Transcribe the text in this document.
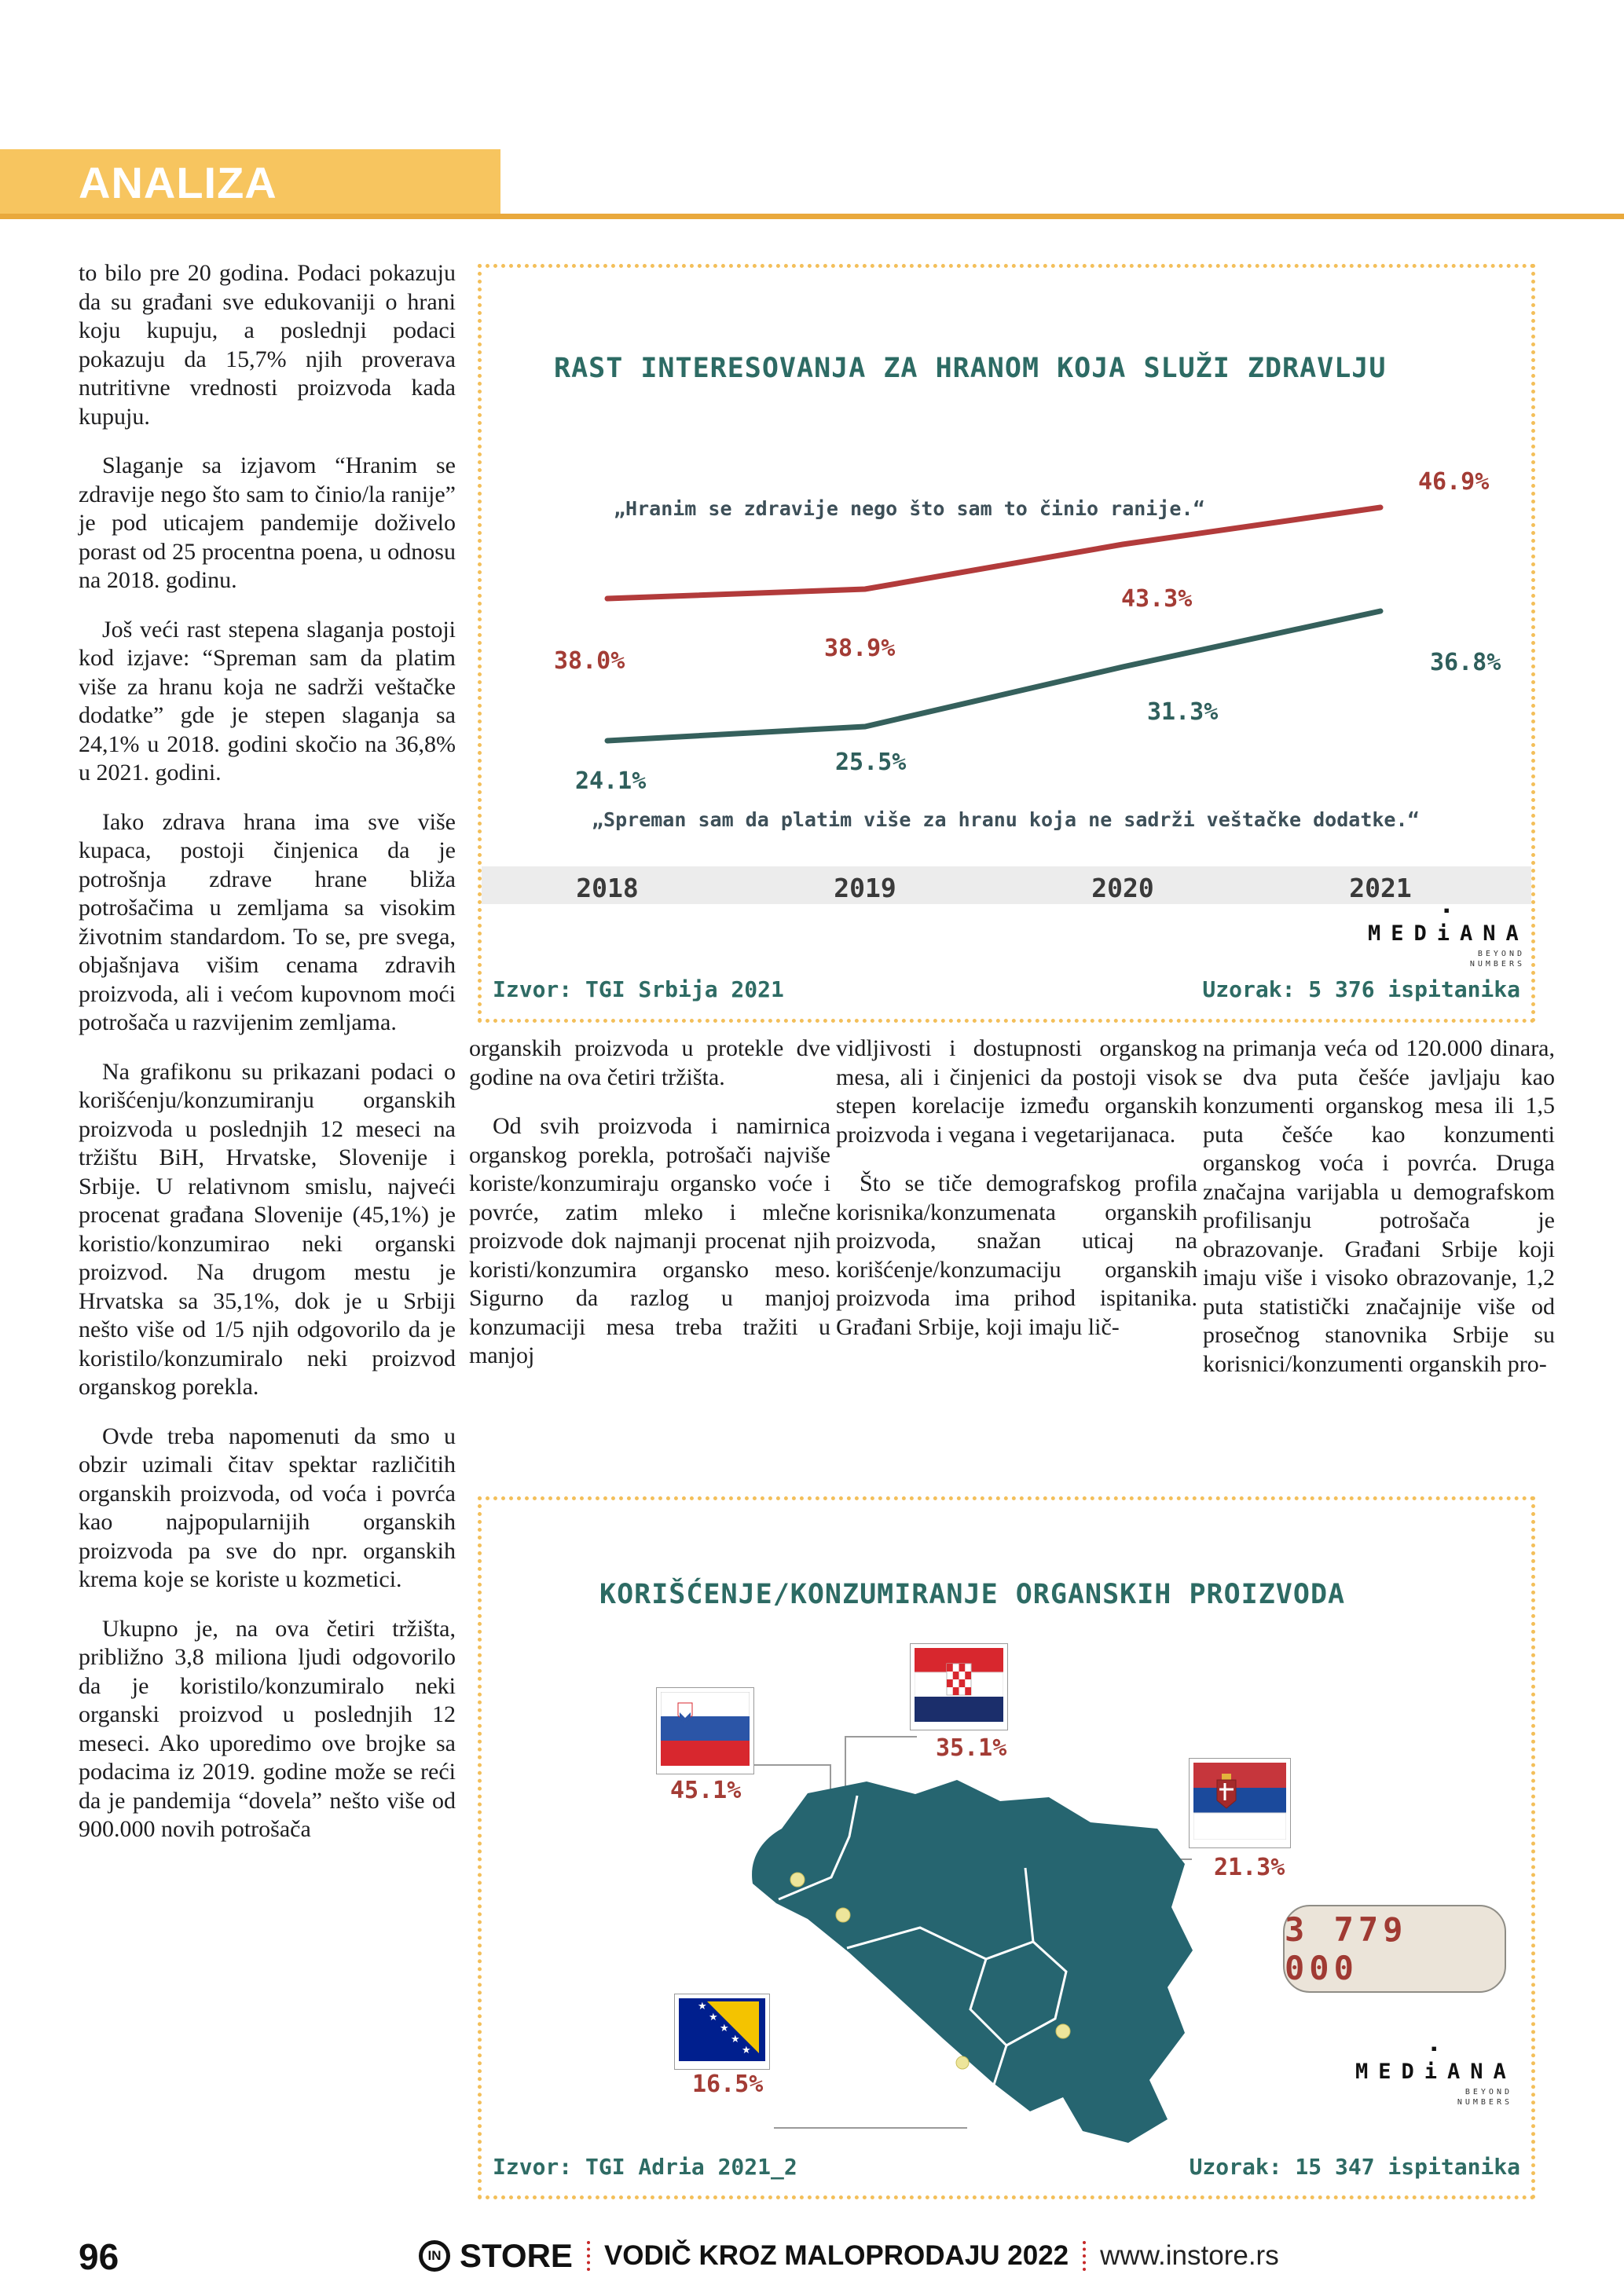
ANALIZA

to bilo pre 20 godina. Podaci pokazuju da su građani sve edukovaniji o hrani koju kupuju, a poslednji podaci pokazuju da 15,7% njih proverava nutritivne vrednosti proizvoda kada kupuju.

Slaganje sa izjavom “Hranim se zdravije nego što sam to činio/la ranije” je pod uticajem pandemije doživelo porast od 25 procentna poena, u odnosu na 2018. godinu.

Još veći rast stepena slaganja postoji kod izjave: “Spreman sam da platim više za hranu koja ne sadrži veštačke dodatke” gde je stepen slaganja sa 24,1% u 2018. godini skočio na 36,8% u 2021. godini.

Iako zdrava hrana ima sve više kupaca, postoji činjenica da je potrošnja zdrave hrane bliža potrošačima u zemljama sa visokim životnim standardom. To se, pre svega, objašnjava višim cenama zdravih proizvoda, ali i većom kupovnom moći potrošača u razvijenim zemljama.

Na grafikonu su prikazani podaci o korišćenju/konzumiranju organskih proizvoda u poslednjih 12 meseci na tržištu BiH, Hrvatske, Slovenije i Srbije. U relativnom smislu, najveći procenat građana Slovenije (45,1%) je koristio/konzumirao neki organski proizvod. Na drugom mestu je Hrvatska sa 35,1%, dok je u Srbiji nešto više od 1/5 njih odgovorilo da je koristilo/konzumiralo neki proizvod organskog porekla.

Ovde treba napomenuti da smo u obzir uzimali čitav spektar različitih organskih proizvoda, od voća i povrća kao najpopularnijih organskih proizvoda pa sve do npr. organskih krema koje se koriste u kozmetici.

Ukupno je, na ova četiri tržišta, približno 3,8 miliona ljudi odgovorilo da je koristilo/konzumiralo neki organski proizvod u poslednjih 12 meseci. Ako uporedimo ove brojke sa podacima iz 2019. godine može se reći da je pandemija “dovela” nešto više od 900.000 novih potrošača

organskih proizvoda u protekle dve godine na ova četiri tržišta.

Od svih proizvoda i namirnica organskog porekla, potrošači najviše koriste/konzumiraju organsko voće i povrće, zatim mleko i mlečne proizvode dok najmanji procenat njih koristi/konzumira organsko meso. Sigurno da razlog u manjoj konzumaciji mesa treba tražiti u manjoj

vidljivosti i dostupnosti organskog mesa, ali i činjenici da postoji visok stepen korelacije između organskih proizvoda i vegana i vegetarijanaca.

Što se tiče demografskog profila korisnika/konzumenata organskih proizvoda, snažan uticaj na korišćenje/konzumaciju organskih proizvoda ima prihod ispitanika. Građani Srbije, koji imaju lič-

na primanja veća od 120.000 dinara, se dva puta češće javljaju kao konzumenti organskog mesa ili 1,5 puta češće kao konzumenti organskog voća i povrća. Druga značajna varijabla u demografskom profilisanju potrošača je obrazovanje. Građani Srbije koji imaju više i visoko obrazovanje, 1,2 puta statistički značajnije više od prosečnog stanovnika Srbije su korisnici/konzumenti organskih pro-

RAST INTERESOVANJA ZA HRANOM KOJA SLUŽI ZDRAVLJU
„Hranim se zdravije nego što sam to činio ranije.“
„Spreman sam da platim više za hranu koja ne sadrži veštačke dodatke.“
38.0%	38.9%
43.3%
46.9%
24.1%
25.5%
31.3%
36.8%
2018	2019	2020	2021
MEDiANA
▪
BEYOND
NUMBERS
Izvor: TGI Srbija 2021	Uzorak: 5 376 ispitanika
KORIŠĆENJE/KONZUMIRANJE ORGANSKIH PROIZVODA
45.1%
35.1%
21.3%
★
★
★
★
★
16.5%
3 779 000
MEDiANA
▪
BEYOND
NUMBERS
Izvor: TGI Adria 2021_2	Uzorak: 15 347 ispitanika
96	IN STORE VODIČ KROZ MALOPRODAJU 2022 www.instore.rs
